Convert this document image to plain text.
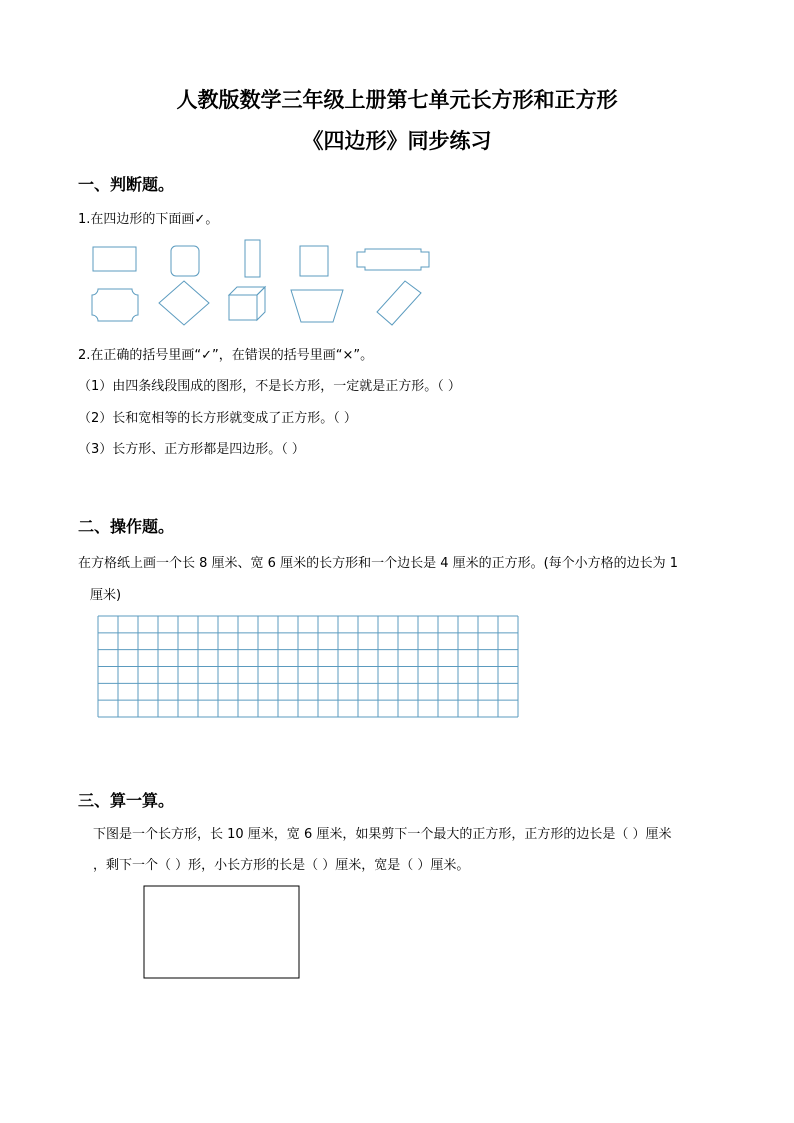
人教版数学三年级上册第七单元长方形和正方形
《四边形》同步练习
一、判断题。
1.在四边形的下面画✓。
2.在正确的括号里画“✓”，在错误的括号里画“×”。
（1）由四条线段围成的图形，不是长方形，一定就是正方形。（ ）
（2）长和宽相等的长方形就变成了正方形。（ ）
（3）长方形、正方形都是四边形。（ ）
二、操作题。
在方格纸上画一个长 8 厘米、宽 6 厘米的长方形和一个边长是 4 厘米的正方形。(每个小方格的边长为 1
厘米)
三、算一算。
下图是一个长方形，长 10 厘米，宽 6 厘米，如果剪下一个最大的正方形，正方形的边长是（ ）厘米
，剩下一个（ ）形，小长方形的长是（ ）厘米，宽是（ ）厘米。
